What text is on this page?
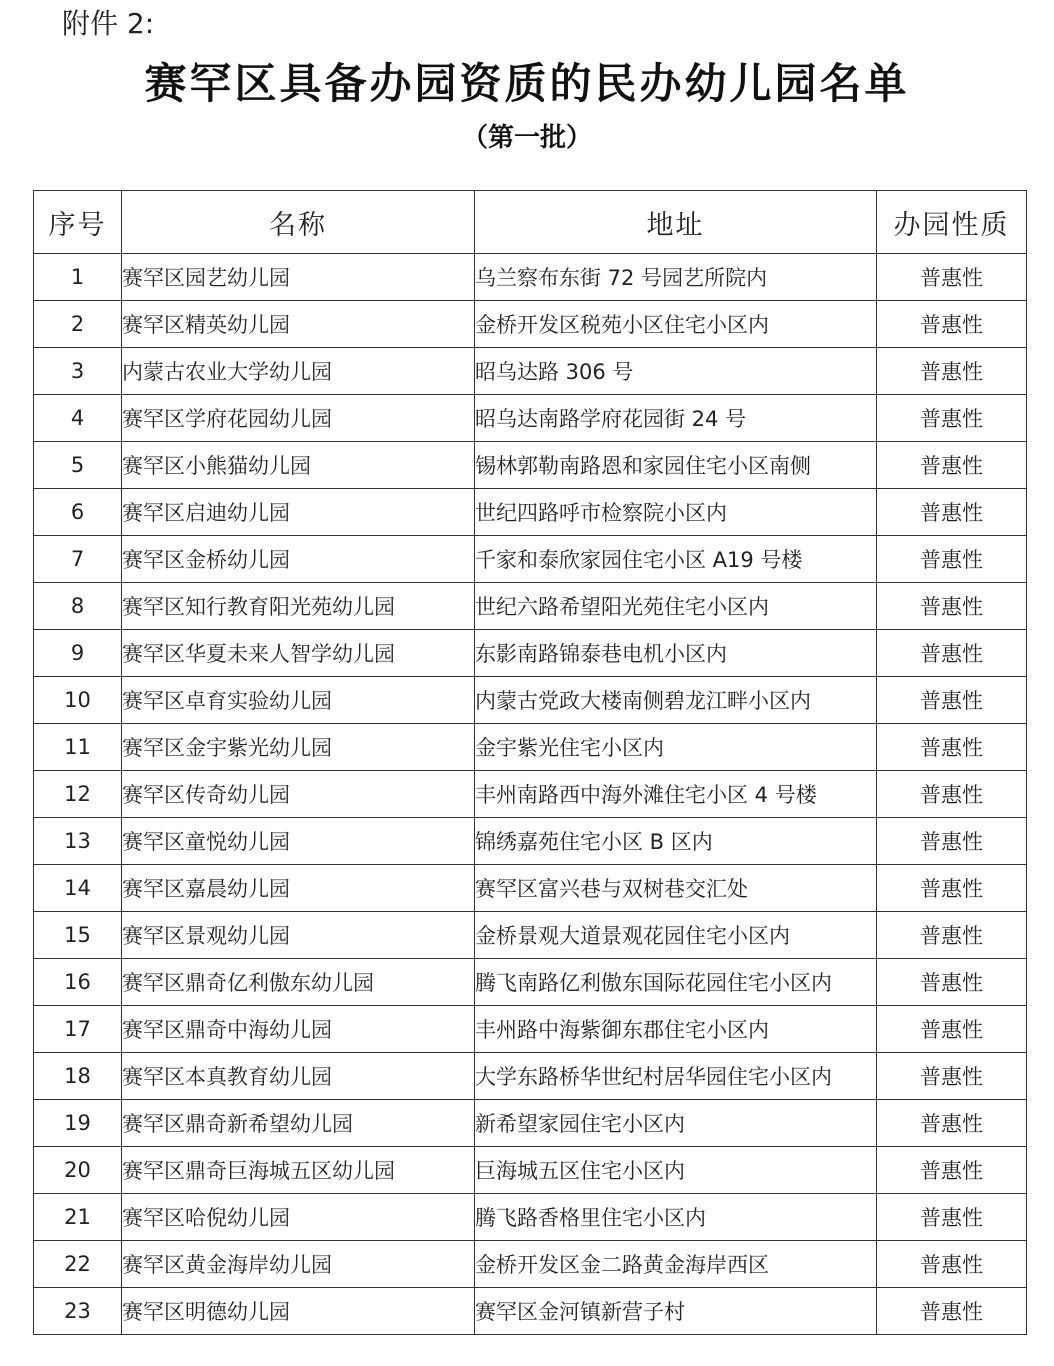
附件 2:
赛罕区具备办园资质的民办幼儿园名单
（第一批）
序号	名称	地址	办园性质
1	赛罕区园艺幼儿园	乌兰察布东街 72 号园艺所院内	普惠性
2	赛罕区精英幼儿园	金桥开发区税苑小区住宅小区内	普惠性
3	内蒙古农业大学幼儿园	昭乌达路 306 号	普惠性
4	赛罕区学府花园幼儿园	昭乌达南路学府花园街 24 号	普惠性
5	赛罕区小熊猫幼儿园	锡林郭勒南路恩和家园住宅小区南侧	普惠性
6	赛罕区启迪幼儿园	世纪四路呼市检察院小区内	普惠性
7	赛罕区金桥幼儿园	千家和泰欣家园住宅小区 A19 号楼	普惠性
8	赛罕区知行教育阳光苑幼儿园	世纪六路希望阳光苑住宅小区内	普惠性
9	赛罕区华夏未来人智学幼儿园	东影南路锦泰巷电机小区内	普惠性
10	赛罕区卓育实验幼儿园	内蒙古党政大楼南侧碧龙江畔小区内	普惠性
11	赛罕区金宇紫光幼儿园	金宇紫光住宅小区内	普惠性
12	赛罕区传奇幼儿园	丰州南路西中海外滩住宅小区 4 号楼	普惠性
13	赛罕区童悦幼儿园	锦绣嘉苑住宅小区 B 区内	普惠性
14	赛罕区嘉晨幼儿园	赛罕区富兴巷与双树巷交汇处	普惠性
15	赛罕区景观幼儿园	金桥景观大道景观花园住宅小区内	普惠性
16	赛罕区鼎奇亿利傲东幼儿园	腾飞南路亿利傲东国际花园住宅小区内	普惠性
17	赛罕区鼎奇中海幼儿园	丰州路中海紫御东郡住宅小区内	普惠性
18	赛罕区本真教育幼儿园	大学东路桥华世纪村居华园住宅小区内	普惠性
19	赛罕区鼎奇新希望幼儿园	新希望家园住宅小区内	普惠性
20	赛罕区鼎奇巨海城五区幼儿园	巨海城五区住宅小区内	普惠性
21	赛罕区哈倪幼儿园	腾飞路香格里住宅小区内	普惠性
22	赛罕区黄金海岸幼儿园	金桥开发区金二路黄金海岸西区	普惠性
23	赛罕区明德幼儿园	赛罕区金河镇新营子村	普惠性
